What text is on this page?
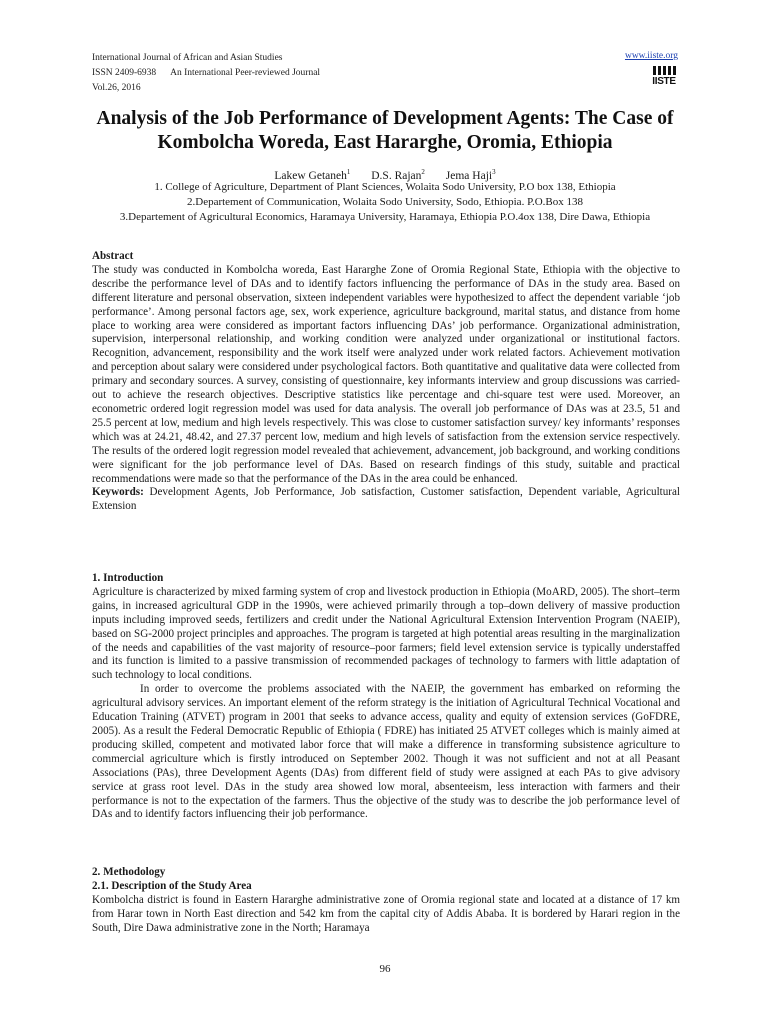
International Journal of African and Asian Studies
ISSN 2409-6938 An International Peer-reviewed Journal
Vol.26, 2016
www.iiste.org
IISTE
Analysis of the Job Performance of Development Agents: The Case of Kombolcha Woreda, East Hararghe, Oromia, Ethiopia
Lakew Getaneh$^1$ D.S. Rajan$^2$ Jema Haji$^3$
1. College of Agriculture, Department of Plant Sciences, Wolaita Sodo University, P.O box 138, Ethiopia
2.Departement of Communication, Wolaita Sodo University, Sodo, Ethiopia. P.O.Box 138
3.Departement of Agricultural Economics, Haramaya University, Haramaya, Ethiopia P.O.4ox 138, Dire Dawa, Ethiopia

Abstract

The study was conducted in Kombolcha woreda, East Hararghe Zone of Oromia Regional State, Ethiopia with the objective to describe the performance level of DAs and to identify factors influencing the performance of DAs in the study area. Based on different literature and personal observation, sixteen independent variables were hypothesized to affect the dependent variable ‘job performance’. Among personal factors age, sex, work experience, agriculture background, marital status, and distance from home place to working area were considered as important factors influencing DAs’ job performance. Organizational administration, supervision, interpersonal relationship, and working condition were analyzed under organizational or institutional factors. Recognition, advancement, responsibility and the work itself were analyzed under work related factors. Achievement motivation and perception about salary were considered under psychological factors. Both quantitative and qualitative data were collected from primary and secondary sources. A survey, consisting of questionnaire, key informants interview and group discussions was carried-out to achieve the research objectives. Descriptive statistics like percentage and chi-square test were used. Moreover, an econometric ordered logit regression model was used for data analysis. The overall job performance of DAs was at 23.5, 51 and 25.5 percent at low, medium and high levels respectively. This was close to customer satisfaction survey/ key informants’ responses which was at 24.21, 48.42, and 27.37 percent low, medium and high levels of satisfaction from the extension service respectively. The results of the ordered logit regression model revealed that achievement, advancement, job background, and working conditions were significant for the job performance level of DAs. Based on research findings of this study, suitable and practical recommendations were made so that the performance of the DAs in the area could be enhanced.

Keywords: Development Agents, Job Performance, Job satisfaction, Customer satisfaction, Dependent variable, Agricultural Extension

1. Introduction

Agriculture is characterized by mixed farming system of crop and livestock production in Ethiopia (MoARD, 2005). The short–term gains, in increased agricultural GDP in the 1990s, were achieved primarily through a top–down delivery of massive production inputs including improved seeds, fertilizers and credit under the National Agricultural Extension Intervention Program (NAEIP), based on SG-2000 project principles and approaches. The program is targeted at high potential areas resulting in the marginalization of the needs and capabilities of the vast majority of resource–poor farmers; field level extension service is typically understaffed and its function is limited to a passive transmission of recommended packages of technology to farmers with little adaptation of such technology to local conditions.

In order to overcome the problems associated with the NAEIP, the government has embarked on reforming the agricultural advisory services. An important element of the reform strategy is the initiation of Agricultural Technical Vocational and Education Training (ATVET) program in 2001 that seeks to advance access, quality and equity of extension services (GoFDRE, 2005). As a result the Federal Democratic Republic of Ethiopia ( FDRE) has initiated 25 ATVET colleges which is mainly aimed at producing skilled, competent and motivated labor force that will make a difference in transforming subsistence agriculture to commercial agriculture which is firstly introduced on September 2002. Though it was not sufficient and not at all Peasant Associations (PAs), three Development Agents (DAs) from different field of study were assigned at each PAs to give advisory service at grass root level. DAs in the study area showed low moral, absenteeism, less interaction with farmers and their performance is not to the expectation of the farmers. Thus the objective of the study was to describe the job performance level of DAs and to identify factors influencing their job performance.

2. Methodology

2.1. Description of the Study Area

Kombolcha district is found in Eastern Hararghe administrative zone of Oromia regional state and located at a distance of 17 km from Harar town in North East direction and 542 km from the capital city of Addis Ababa. It is bordered by Harari region in the South, Dire Dawa administrative zone in the North; Haramaya

96
